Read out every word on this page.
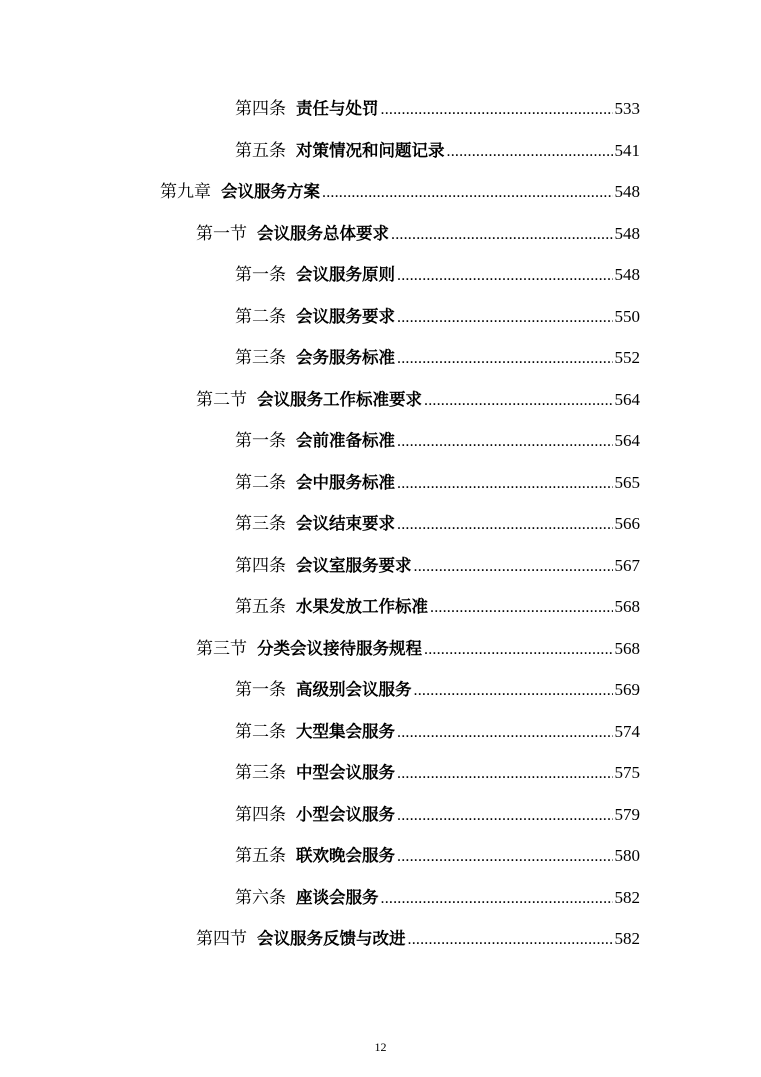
第四条 责任与处罚 .....	533
第五条 对策情况和问题记录 .....	541
第九章 会议服务方案 .....	548
第一节 会议服务总体要求 .....	548
第一条 会议服务原则 .....	548
第二条 会议服务要求 .....	550
第三条 会务服务标准 .....	552
第二节 会议服务工作标准要求 .....	564
第一条 会前准备标准 .....	564
第二条 会中服务标准 .....	565
第三条 会议结束要求 .....	566
第四条 会议室服务要求 .....	567
第五条 水果发放工作标准 .....	568
第三节 分类会议接待服务规程 .....	568
第一条 高级别会议服务 .....	569
第二条 大型集会服务 .....	574
第三条 中型会议服务 .....	575
第四条 小型会议服务 .....	579
第五条 联欢晚会服务 .....	580
第六条 座谈会服务 .....	582
第四节 会议服务反馈与改进 .....	582
12
